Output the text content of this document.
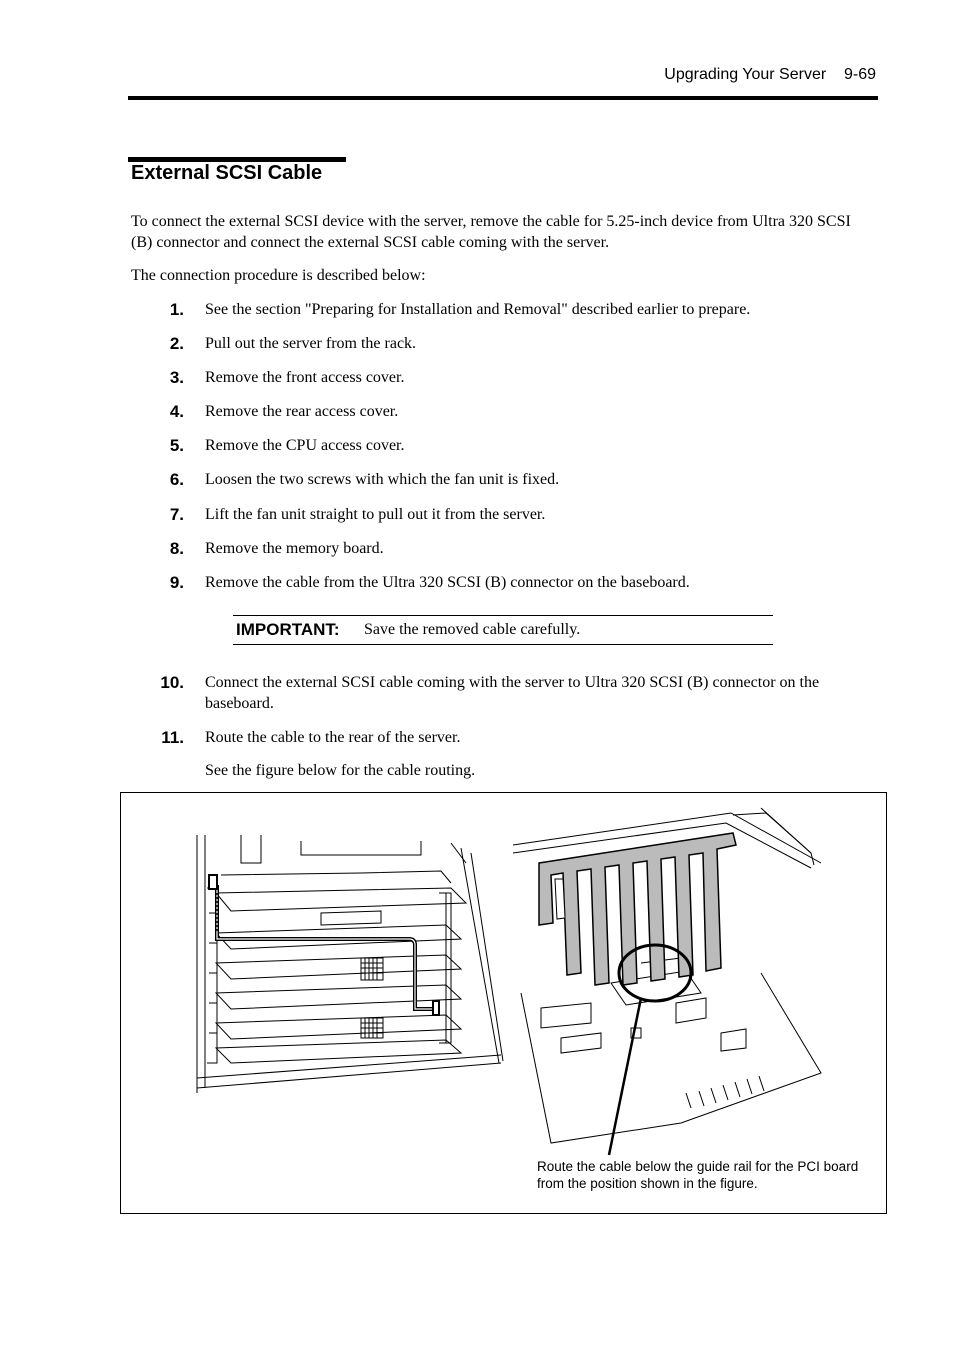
Upgrading Your Server 9-69
External SCSI Cable
To connect the external SCSI device with the server, remove the cable for 5.25-inch device from Ultra 320 SCSI (B) connector and connect the external SCSI cable coming with the server.
The connection procedure is described below:
1. See the section "Preparing for Installation and Removal" described earlier to prepare.
2. Pull out the server from the rack.
3. Remove the front access cover.
4. Remove the rear access cover.
5. Remove the CPU access cover.
6. Loosen the two screws with which the fan unit is fixed.
7. Lift the fan unit straight to pull out it from the server.
8. Remove the memory board.
9. Remove the cable from the Ultra 320 SCSI (B) connector on the baseboard.
IMPORTANT: Save the removed cable carefully.
10. Connect the external SCSI cable coming with the server to Ultra 320 SCSI (B) connector on the baseboard.
11. Route the cable to the rear of the server.
See the figure below for the cable routing.
Route the cable below the guide rail for the PCI board from the position shown in the figure.
